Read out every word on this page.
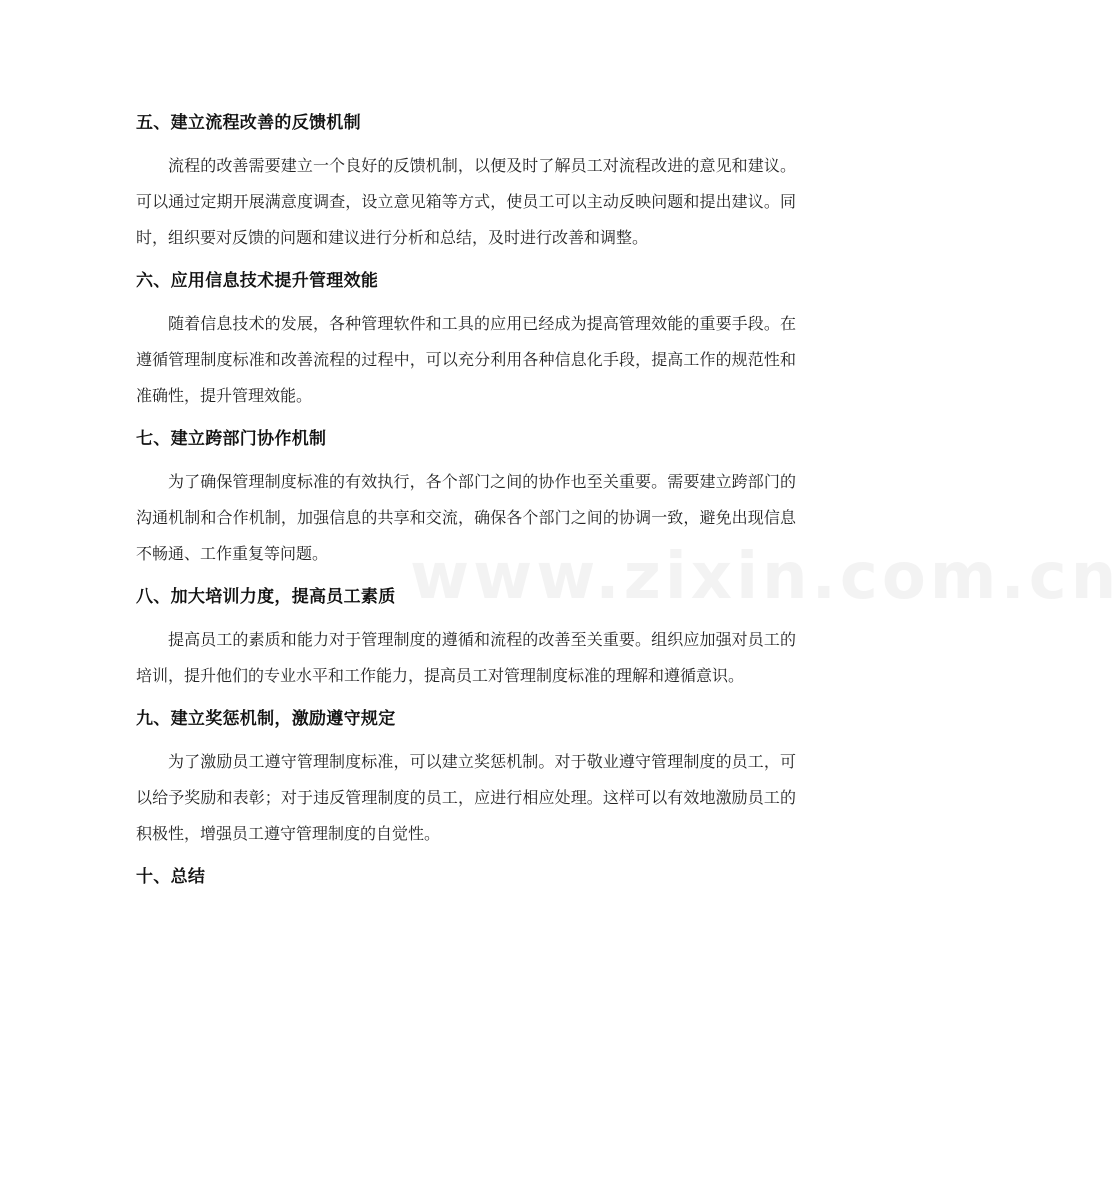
五、建立流程改善的反馈机制

流程的改善需要建立一个良好的反馈机制，以便及时了解员工对流程改进的意见和建议。可以通过定期开展满意度调查，设立意见箱等方式，使员工可以主动反映问题和提出建议。同时，组织要对反馈的问题和建议进行分析和总结，及时进行改善和调整。

六、应用信息技术提升管理效能

随着信息技术的发展，各种管理软件和工具的应用已经成为提高管理效能的重要手段。在遵循管理制度标准和改善流程的过程中，可以充分利用各种信息化手段，提高工作的规范性和准确性，提升管理效能。

七、建立跨部门协作机制

为了确保管理制度标准的有效执行，各个部门之间的协作也至关重要。需要建立跨部门的沟通机制和合作机制，加强信息的共享和交流，确保各个部门之间的协调一致，避免出现信息不畅通、工作重复等问题。

八、加大培训力度，提高员工素质

提高员工的素质和能力对于管理制度的遵循和流程的改善至关重要。组织应加强对员工的培训，提升他们的专业水平和工作能力，提高员工对管理制度标准的理解和遵循意识。

九、建立奖惩机制，激励遵守规定

为了激励员工遵守管理制度标准，可以建立奖惩机制。对于敬业遵守管理制度的员工，可以给予奖励和表彰；对于违反管理制度的员工，应进行相应处理。这样可以有效地激励员工的积极性，增强员工遵守管理制度的自觉性。

十、总结
www.zixin.com.cn
